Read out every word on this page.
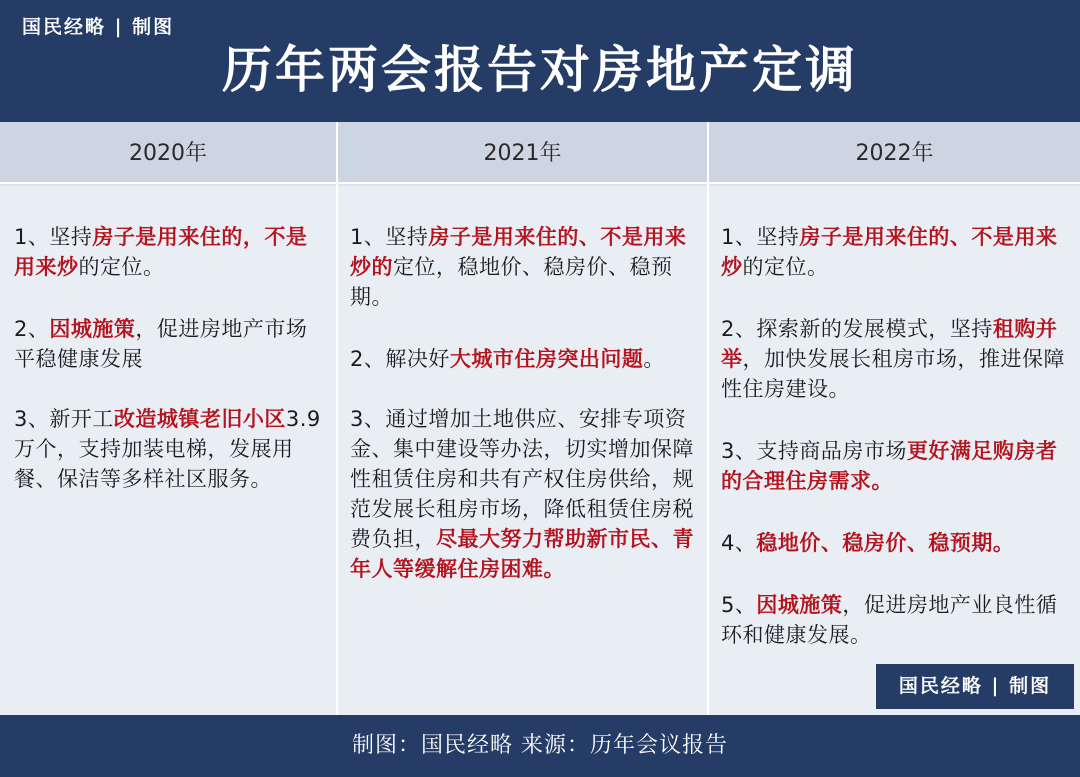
国民经略 | 制图
历年两会报告对房地产定调
2020年
1、坚持房子是用来住的，不是用来炒的定位。
2、因城施策，促进房地产市场平稳健康发展
3、新开工改造城镇老旧小区3.9万个，支持加装电梯，发展用餐、保洁等多样社区服务。
2021年
1、坚持房子是用来住的、不是用来炒的定位，稳地价、稳房价、稳预期。
2、解决好大城市住房突出问题。
3、通过增加土地供应、安排专项资金、集中建设等办法，切实增加保障性租赁住房和共有产权住房供给，规范发展长租房市场，降低租赁住房税费负担，尽最大努力帮助新市民、青年人等缓解住房困难。
2022年
1、坚持房子是用来住的、不是用来炒的定位。
2、探索新的发展模式，坚持租购并举，加快发展长租房市场，推进保障性住房建设。
3、支持商品房市场更好满足购房者的合理住房需求。
4、稳地价、稳房价、稳预期。
5、因城施策，促进房地产业良性循环和健康发展。
国民经略 | 制图
制图：国民经略 来源：历年会议报告
